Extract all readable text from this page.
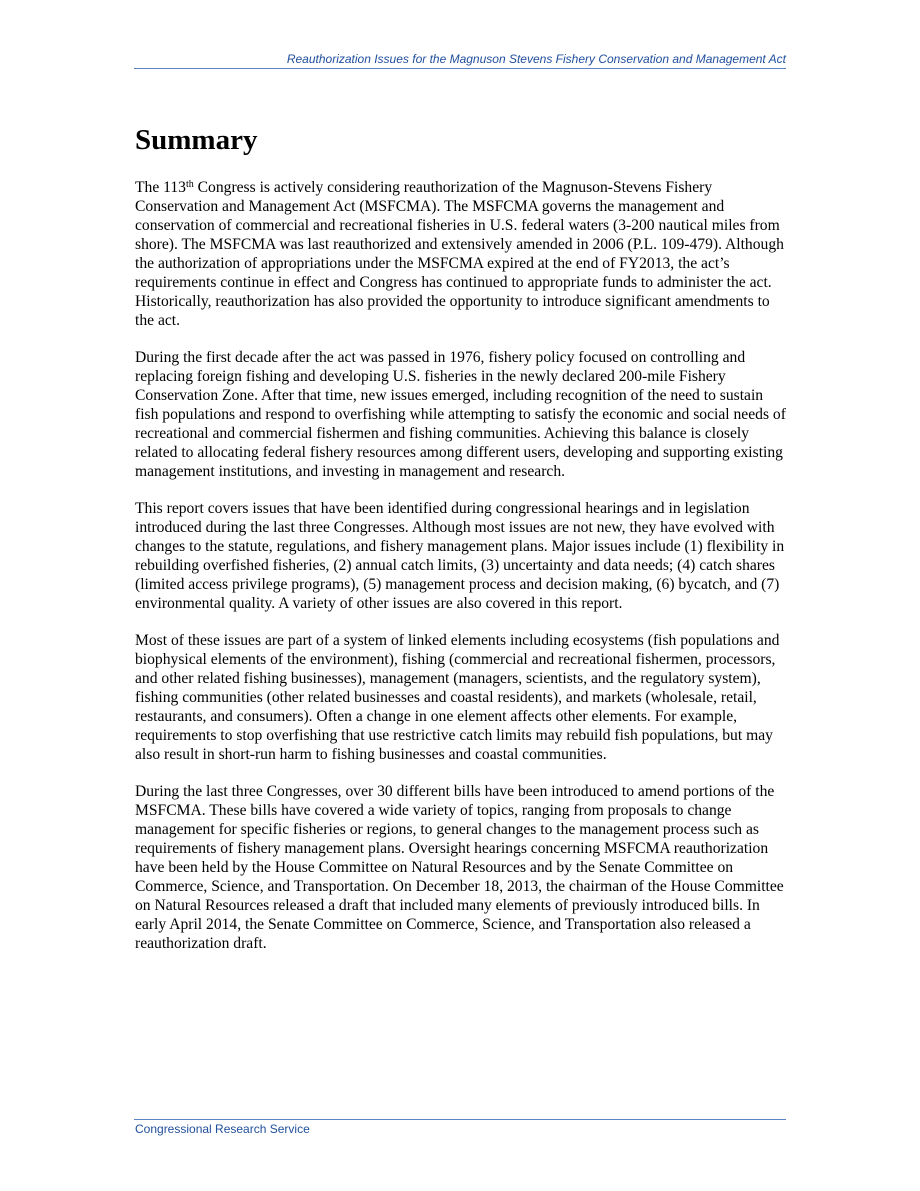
Reauthorization Issues for the Magnuson Stevens Fishery Conservation and Management Act
Summary

The 113th Congress is actively considering reauthorization of the Magnuson-Stevens Fishery Conservation and Management Act (MSFCMA). The MSFCMA governs the management and conservation of commercial and recreational fisheries in U.S. federal waters (3-200 nautical miles from shore). The MSFCMA was last reauthorized and extensively amended in 2006 (P.L. 109-479). Although the authorization of appropriations under the MSFCMA expired at the end of FY2013, the act’s requirements continue in effect and Congress has continued to appropriate funds to administer the act. Historically, reauthorization has also provided the opportunity to introduce significant amendments to the act.

During the first decade after the act was passed in 1976, fishery policy focused on controlling and replacing foreign fishing and developing U.S. fisheries in the newly declared 200-mile Fishery Conservation Zone. After that time, new issues emerged, including recognition of the need to sustain fish populations and respond to overfishing while attempting to satisfy the economic and social needs of recreational and commercial fishermen and fishing communities. Achieving this balance is closely related to allocating federal fishery resources among different users, developing and supporting existing management institutions, and investing in management and research.

This report covers issues that have been identified during congressional hearings and in legislation introduced during the last three Congresses. Although most issues are not new, they have evolved with changes to the statute, regulations, and fishery management plans. Major issues include (1) flexibility in rebuilding overfished fisheries, (2) annual catch limits, (3) uncertainty and data needs; (4) catch shares (limited access privilege programs), (5) management process and decision making, (6) bycatch, and (7) environmental quality. A variety of other issues are also covered in this report.

Most of these issues are part of a system of linked elements including ecosystems (fish populations and biophysical elements of the environment), fishing (commercial and recreational fishermen, processors, and other related fishing businesses), management (managers, scientists, and the regulatory system), fishing communities (other related businesses and coastal residents), and markets (wholesale, retail, restaurants, and consumers). Often a change in one element affects other elements. For example, requirements to stop overfishing that use restrictive catch limits may rebuild fish populations, but may also result in short-run harm to fishing businesses and coastal communities.

During the last three Congresses, over 30 different bills have been introduced to amend portions of the MSFCMA. These bills have covered a wide variety of topics, ranging from proposals to change management for specific fisheries or regions, to general changes to the management process such as requirements of fishery management plans. Oversight hearings concerning MSFCMA reauthorization have been held by the House Committee on Natural Resources and by the Senate Committee on Commerce, Science, and Transportation. On December 18, 2013, the chairman of the House Committee on Natural Resources released a draft that included many elements of previously introduced bills. In early April 2014, the Senate Committee on Commerce, Science, and Transportation also released a reauthorization draft.

Congressional Research Service
